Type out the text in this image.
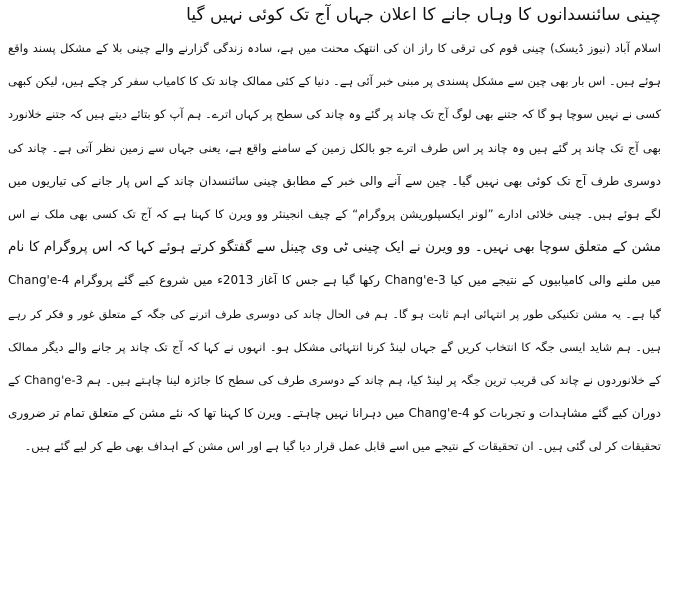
چینی سائنسدانوں کا وہاں جانے کا اعلان جہاں آج تک کوئی نہیں گیا
اسلام آباد (نیوز ڈیسک) چینی قوم کی ترقی کا راز ان کی انتھک محنت میں ہے، سادہ زندگی گزارنے والے چینی بلا کے مشکل پسند واقع
ہوئے ہیں۔ اس بار بھی چین سے مشکل پسندی پر مبنی خبر آئی ہے۔ دنیا کے کئی ممالک چاند تک کا کامیاب سفر کر چکے ہیں، لیکن کبھی
کسی نے نہیں سوچا ہو گا کہ جتنے بھی لوگ آج تک چاند پر گئے وہ چاند کی سطح پر کہاں اترے۔ ہم آپ کو بتائے دیتے ہیں کہ جتنے خلانورد
بھی آج تک چاند پر گئے ہیں وہ چاند پر اس طرف اترے جو بالکل زمین کے سامنے واقع ہے، یعنی جہاں سے زمین نظر آتی ہے۔ چاند کی
دوسری طرف آج تک کوئی بھی نہیں گیا۔ چین سے آنے والی خبر کے مطابق چینی سائنسدان چاند کے اس پار جانے کی تیاریوں میں
لگے ہوئے ہیں۔ چینی خلائی ادارے ”لونر ایکسپلوریشن پروگرام“ کے چیف انجینئر وو ویرن کا کہنا ہے کہ آج تک کسی بھی ملک نے اس
مشن کے متعلق سوچا بھی نہیں۔ وو ویرن نے ایک چینی ٹی وی چینل سے گفتگو کرتے ہوئے کہا کہ اس پروگرام کا نام
Chang'e-4 رکھا گیا ہے جس کا آغاز 2013ء میں شروع کیے گئے پروگرام Chang'e-3 میں ملنے والی کامیابیوں کے نتیجے میں کیا
گیا ہے۔ یہ مشن تکنیکی طور پر انتہائی اہم ثابت ہو گا۔ ہم فی الحال چاند کی دوسری طرف اترنے کی جگہ کے متعلق غور و فکر کر رہے
ہیں۔ ہم شاید ایسی جگہ کا انتخاب کریں گے جہاں لینڈ کرنا انتہائی مشکل ہو۔ انہوں نے کہا کہ آج تک چاند پر جانے والے دیگر ممالک
کے خلانوردوں نے چاند کی قریب ترین جگہ پر لینڈ کیا، ہم چاند کے دوسری طرف کی سطح کا جائزہ لینا چاہتے ہیں۔ ہم Chang'e-3 کے
دوران کیے گئے مشاہدات و تجربات کو Chang'e-4 میں دہرانا نہیں چاہتے۔ ویرن کا کہنا تھا کہ نئے مشن کے متعلق تمام تر ضروری
تحقیقات کر لی گئی ہیں۔ ان تحقیقات کے نتیجے میں اسے قابل عمل قرار دیا گیا ہے اور اس مشن کے اہداف بھی طے کر لیے گئے ہیں۔
